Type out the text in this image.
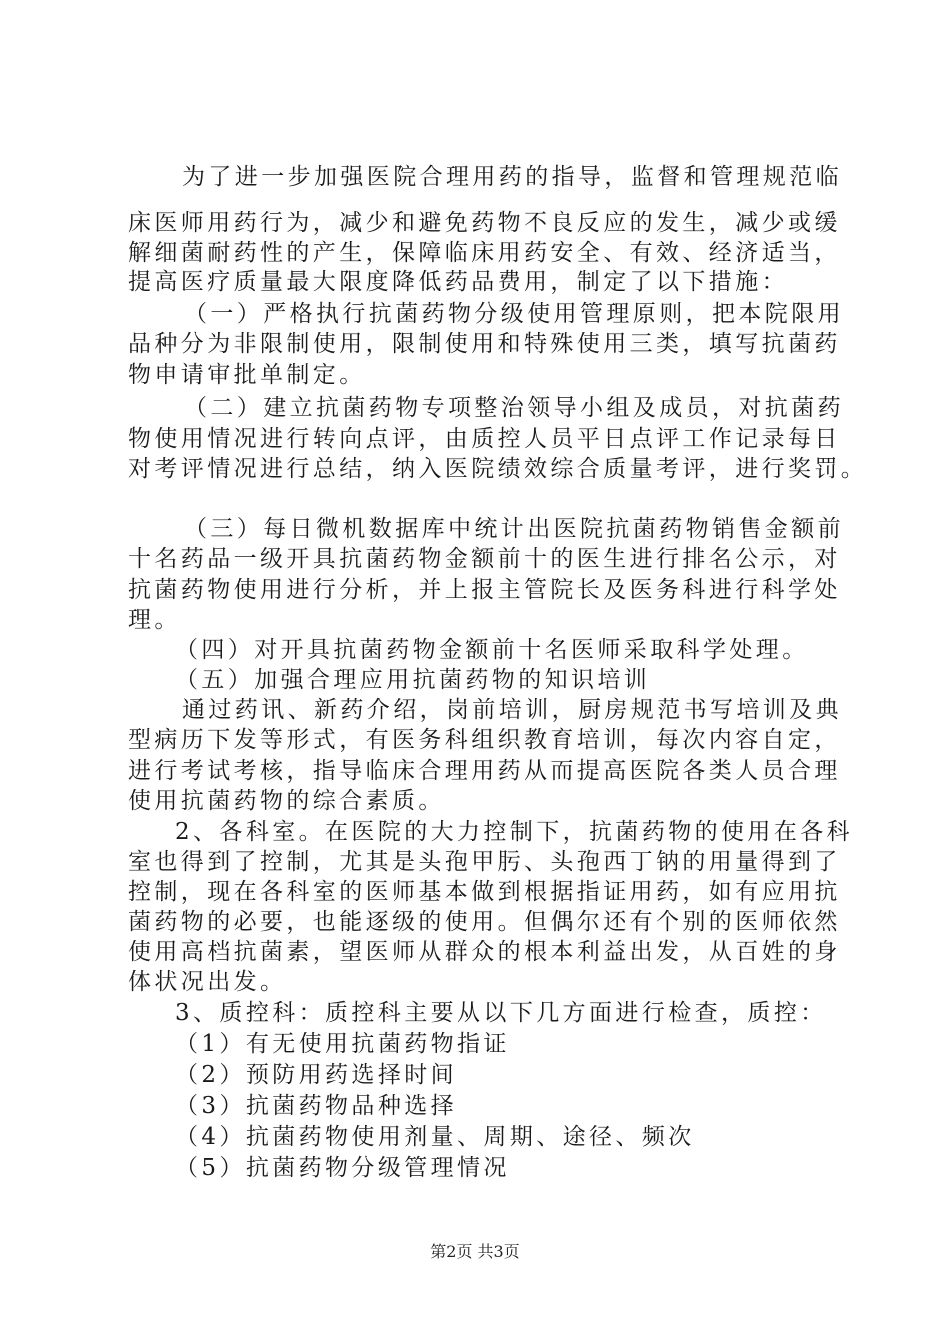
为了进一步加强医院合理用药的指导，监督和管理规范临
床医师用药行为，减少和避免药物不良反应的发生，减少或缓
解细菌耐药性的产生，保障临床用药安全、有效、经济适当，
提高医疗质量最大限度降低药品费用，制定了以下措施：
（一）严格执行抗菌药物分级使用管理原则，把本院限用
品种分为非限制使用，限制使用和特殊使用三类，填写抗菌药
物申请审批单制定。
（二）建立抗菌药物专项整治领导小组及成员，对抗菌药
物使用情况进行转向点评，由质控人员平日点评工作记录每日
对考评情况进行总结，纳入医院绩效综合质量考评，进行奖罚。
（三）每日微机数据库中统计出医院抗菌药物销售金额前
十名药品一级开具抗菌药物金额前十的医生进行排名公示，对
抗菌药物使用进行分析，并上报主管院长及医务科进行科学处
理。
（四）对开具抗菌药物金额前十名医师采取科学处理。
（五）加强合理应用抗菌药物的知识培训
通过药讯、新药介绍，岗前培训，厨房规范书写培训及典
型病历下发等形式，有医务科组织教育培训，每次内容自定，
进行考试考核，指导临床合理用药从而提高医院各类人员合理
使用抗菌药物的综合素质。
2、各科室。在医院的大力控制下，抗菌药物的使用在各科
室也得到了控制，尤其是头孢甲肟、头孢西丁钠的用量得到了
控制，现在各科室的医师基本做到根据指证用药，如有应用抗
菌药物的必要，也能逐级的使用。但偶尔还有个别的医师依然
使用高档抗菌素，望医师从群众的根本利益出发，从百姓的身
体状况出发。
3、质控科：质控科主要从以下几方面进行检查，质控：
（1）有无使用抗菌药物指证
（2）预防用药选择时间
（3）抗菌药物品种选择
（4）抗菌药物使用剂量、周期、途径、频次
（5）抗菌药物分级管理情况
第2页 共3页
